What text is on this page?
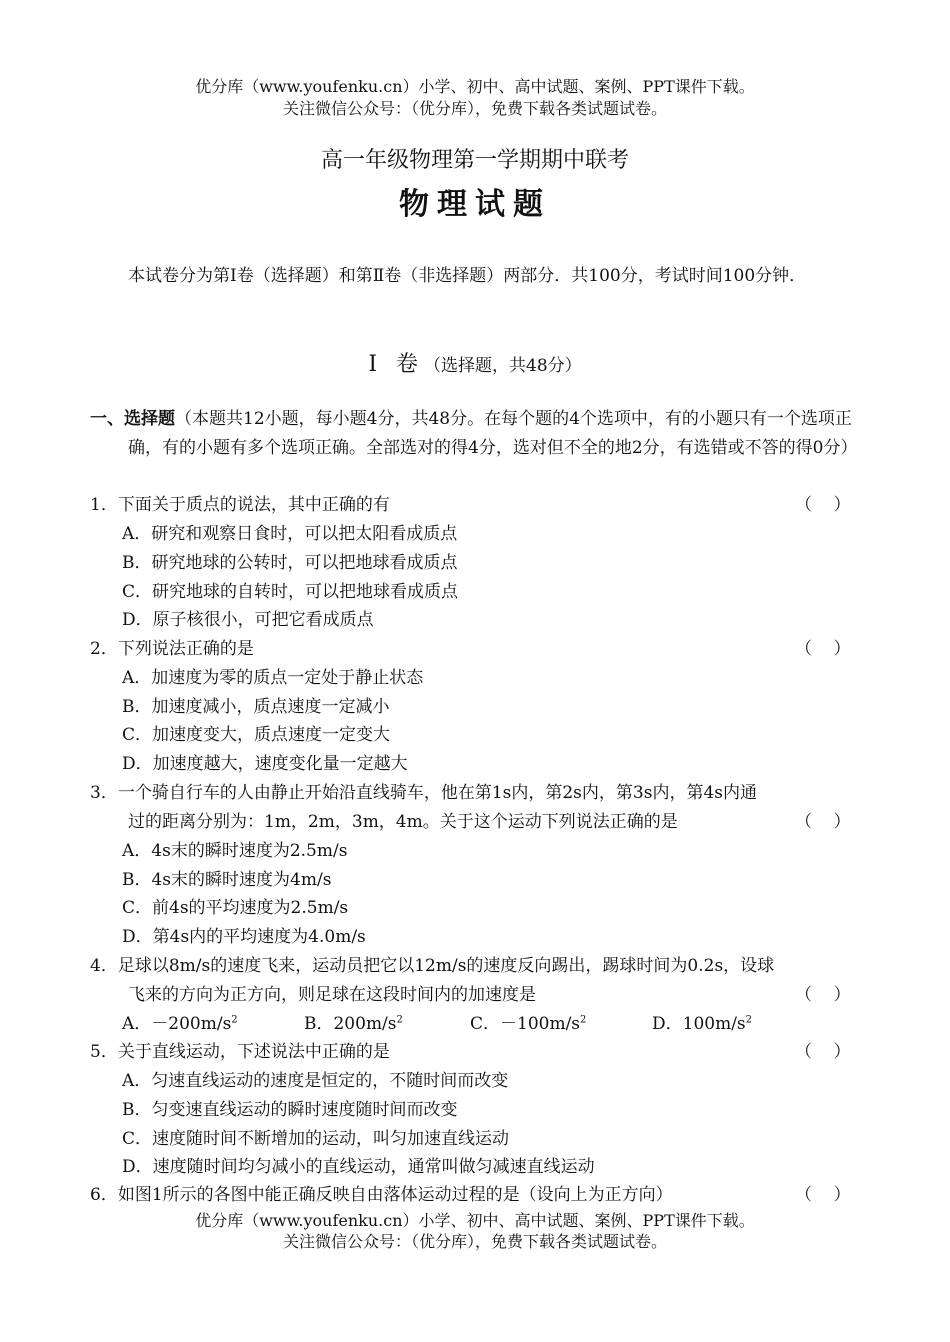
优分库（www.youfenku.cn）小学、初中、高中试题、案例、PPT课件下载。
关注微信公众号：（优分库），免费下载各类试题试卷。
高一年级物理第一学期期中联考
物理试题
本试卷分为第Ⅰ卷（选择题）和第Ⅱ卷（非选择题）两部分．共100分，考试时间100分钟．
Ⅰ 卷（选择题，共48分）
一、选择题（本题共12小题，每小题4分，共48分。在每个题的4个选项中，有的小题只有一个选项正确，有的小题有多个选项正确。全部选对的得4分，选对但不全的地2分，有选错或不答的得0分）
1．下面关于质点的说法，其中正确的有	（    ）
A．研究和观察日食时，可以把太阳看成质点
B．研究地球的公转时，可以把地球看成质点
C．研究地球的自转时，可以把地球看成质点
D．原子核很小，可把它看成质点
2．下列说法正确的是	（    ）
A．加速度为零的质点一定处于静止状态
B．加速度减小，质点速度一定减小
C．加速度变大，质点速度一定变大
D．加速度越大，速度变化量一定越大
3．一个骑自行车的人由静止开始沿直线骑车，他在第1s内，第2s内，第3s内，第4s内通
过的距离分别为：1m，2m，3m，4m。关于这个运动下列说法正确的是	（    ）
A．4s末的瞬时速度为2.5m/s
B．4s末的瞬时速度为4m/s
C．前4s的平均速度为2.5m/s
D．第4s内的平均速度为4.0m/s
4．足球以8m/s的速度飞来，运动员把它以12m/s的速度反向踢出，踢球时间为0.2s，设球
飞来的方向为正方向，则足球在这段时间内的加速度是	（    ）
A．$-200m/s^2$	B．$200m/s^2$	C．$-100m/s^2$	D．$100m/s^2$
5．关于直线运动，下述说法中正确的是	（    ）
A．匀速直线运动的速度是恒定的，不随时间而改变
B．匀变速直线运动的瞬时速度随时间而改变
C．速度随时间不断增加的运动，叫匀加速直线运动
D．速度随时间均匀减小的直线运动，通常叫做匀减速直线运动
6．如图1所示的各图中能正确反映自由落体运动过程的是（设向上为正方向）	（    ）
优分库（www.youfenku.cn）小学、初中、高中试题、案例、PPT课件下载。
关注微信公众号：（优分库），免费下载各类试题试卷。
